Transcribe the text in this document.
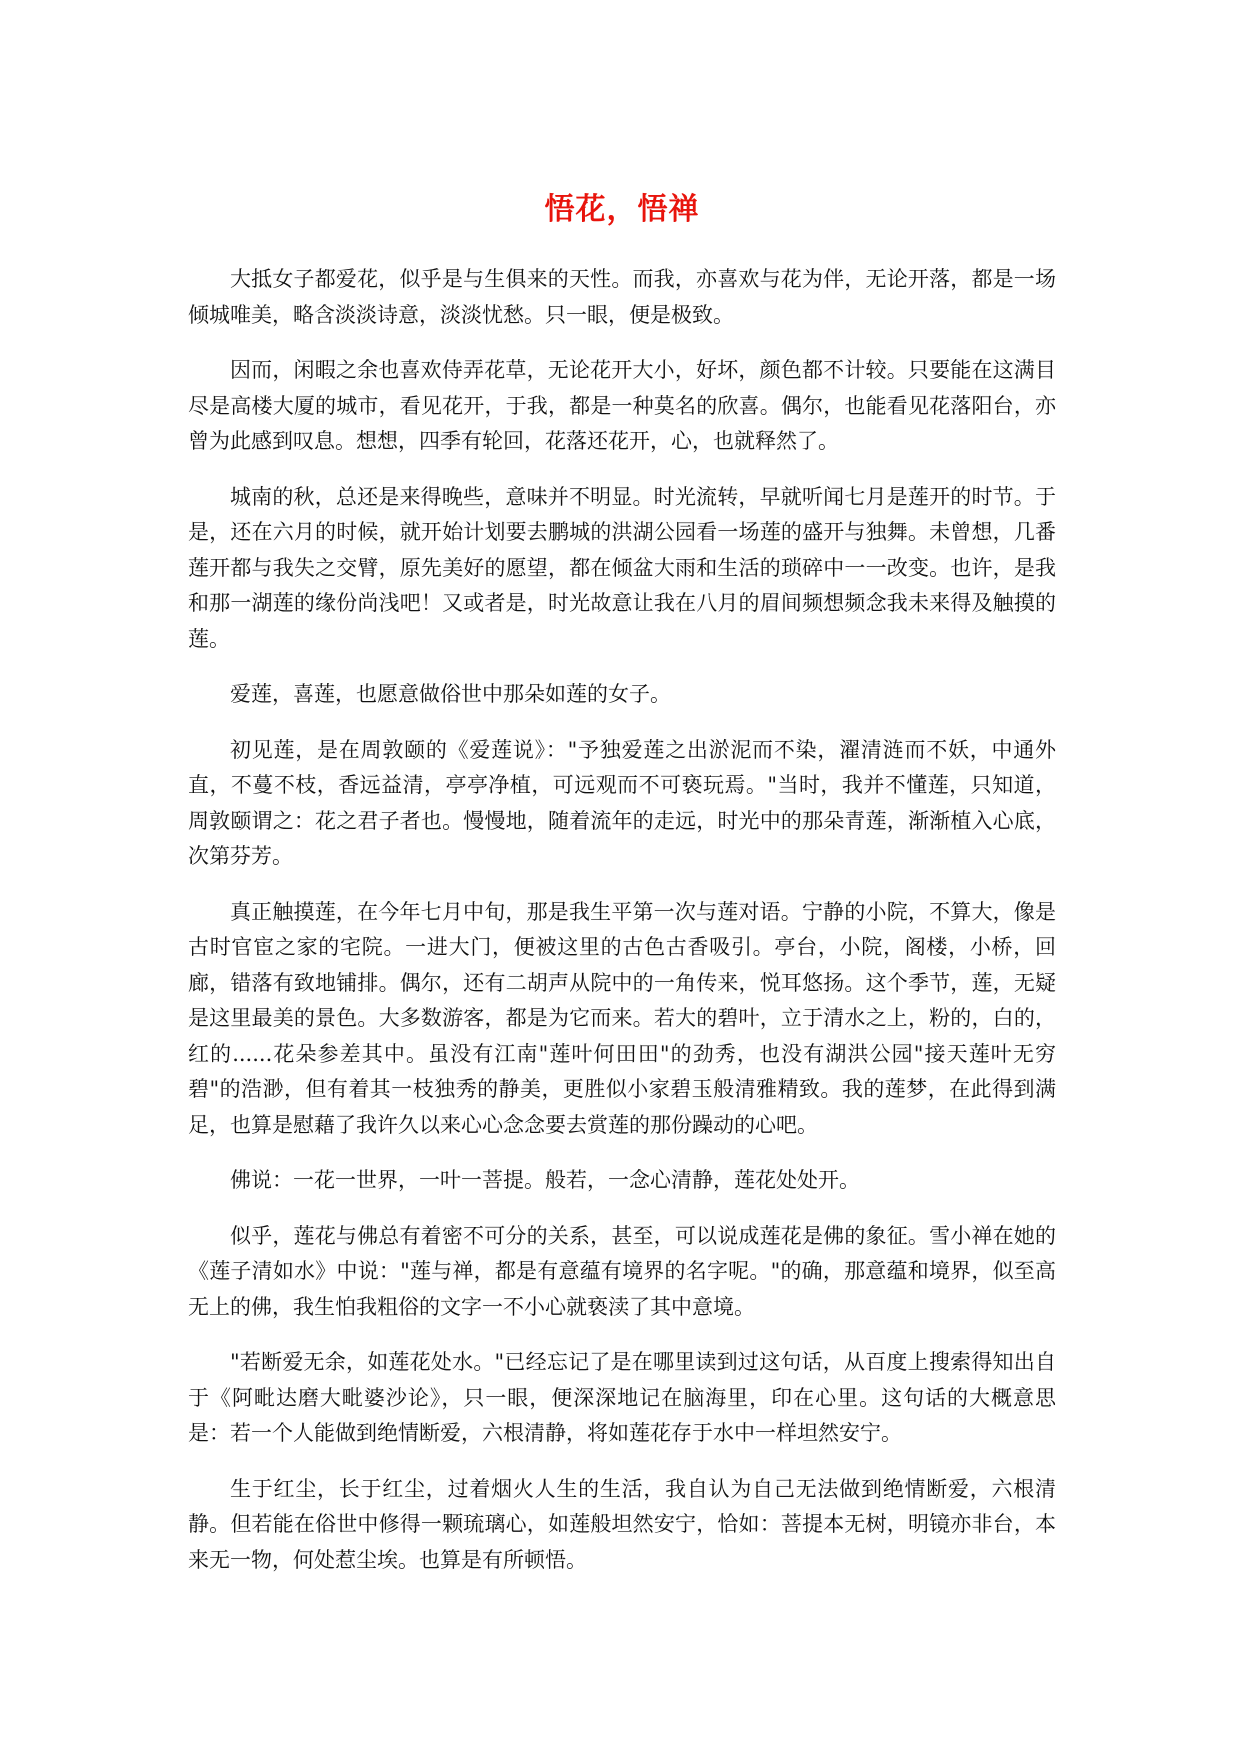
悟花，悟禅

大抵女子都爱花，似乎是与生俱来的天性。而我，亦喜欢与花为伴，无论开落，都是一场倾城唯美，略含淡淡诗意，淡淡忧愁。只一眼，便是极致。

因而，闲暇之余也喜欢侍弄花草，无论花开大小，好坏，颜色都不计较。只要能在这满目尽是高楼大厦的城市，看见花开，于我，都是一种莫名的欣喜。偶尔，也能看见花落阳台，亦曾为此感到叹息。想想，四季有轮回，花落还花开，心，也就释然了。

城南的秋，总还是来得晚些，意味并不明显。时光流转，早就听闻七月是莲开的时节。于是，还在六月的时候，就开始计划要去鹏城的洪湖公园看一场莲的盛开与独舞。未曾想，几番莲开都与我失之交臂，原先美好的愿望，都在倾盆大雨和生活的琐碎中一一改变。也许，是我和那一湖莲的缘份尚浅吧！又或者是，时光故意让我在八月的眉间频想频念我未来得及触摸的莲。

爱莲，喜莲，也愿意做俗世中那朵如莲的女子。

初见莲，是在周敦颐的《爱莲说》："予独爱莲之出淤泥而不染，濯清涟而不妖，中通外直，不蔓不枝，香远益清，亭亭净植，可远观而不可亵玩焉。"当时，我并不懂莲，只知道，周敦颐谓之：花之君子者也。慢慢地，随着流年的走远，时光中的那朵青莲，渐渐植入心底，次第芬芳。

真正触摸莲，在今年七月中旬，那是我生平第一次与莲对语。宁静的小院，不算大，像是古时官宦之家的宅院。一进大门，便被这里的古色古香吸引。亭台，小院，阁楼，小桥，回廊，错落有致地铺排。偶尔，还有二胡声从院中的一角传来，悦耳悠扬。这个季节，莲，无疑是这里最美的景色。大多数游客，都是为它而来。若大的碧叶，立于清水之上，粉的，白的，红的......花朵参差其中。虽没有江南"莲叶何田田"的劲秀，也没有湖洪公园"接天莲叶无穷碧"的浩渺，但有着其一枝独秀的静美，更胜似小家碧玉般清雅精致。我的莲梦，在此得到满足，也算是慰藉了我许久以来心心念念要去赏莲的那份躁动的心吧。

佛说：一花一世界，一叶一菩提。般若，一念心清静，莲花处处开。

似乎，莲花与佛总有着密不可分的关系，甚至，可以说成莲花是佛的象征。雪小禅在她的《莲子清如水》中说："莲与禅，都是有意蕴有境界的名字呢。"的确，那意蕴和境界，似至高无上的佛，我生怕我粗俗的文字一不小心就亵渎了其中意境。

"若断爱无余，如莲花处水。"已经忘记了是在哪里读到过这句话，从百度上搜索得知出自于《阿毗达磨大毗婆沙论》，只一眼，便深深地记在脑海里，印在心里。这句话的大概意思是：若一个人能做到绝情断爱，六根清静，将如莲花存于水中一样坦然安宁。

生于红尘，长于红尘，过着烟火人生的生活，我自认为自己无法做到绝情断爱，六根清静。但若能在俗世中修得一颗琉璃心，如莲般坦然安宁，恰如：菩提本无树，明镜亦非台，本来无一物，何处惹尘埃。也算是有所顿悟。
